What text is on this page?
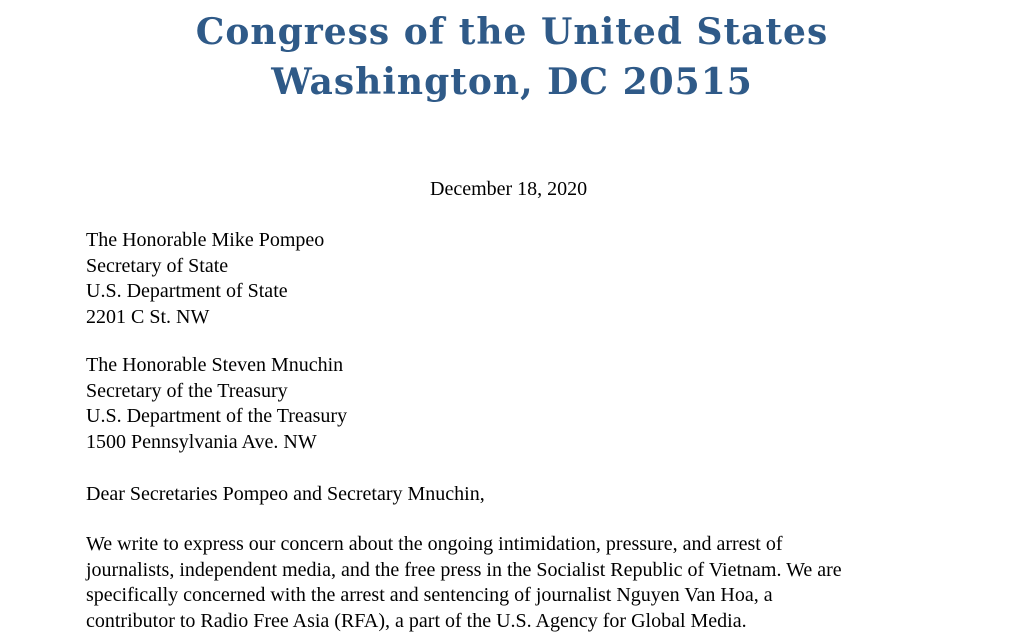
Congress of the United States
Washington, DC 20515
December 18, 2020
The Honorable Mike Pompeo
Secretary of State
U.S. Department of State
2201 C St. NW
The Honorable Steven Mnuchin
Secretary of the Treasury
U.S. Department of the Treasury
1500 Pennsylvania Ave. NW
Dear Secretaries Pompeo and Secretary Mnuchin,
We write to express our concern about the ongoing intimidation, pressure, and arrest of
journalists, independent media, and the free press in the Socialist Republic of Vietnam. We are
specifically concerned with the arrest and sentencing of journalist Nguyen Van Hoa, a
contributor to Radio Free Asia (RFA), a part of the U.S. Agency for Global Media.
